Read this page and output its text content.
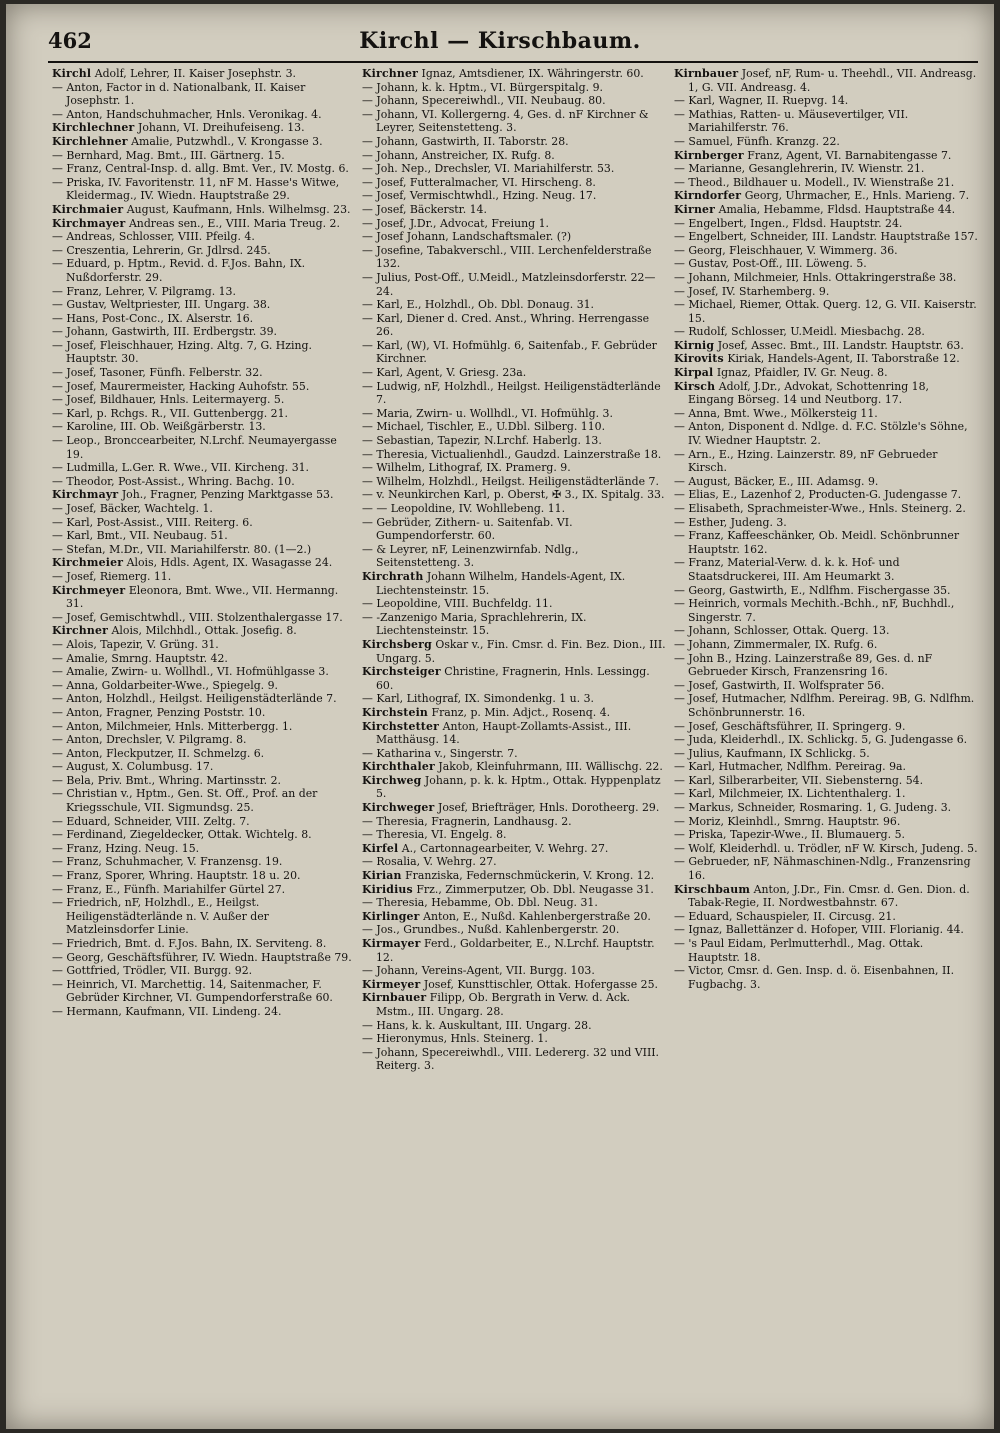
462	Kirchl — Kirschbaum.

Kirchl Adolf, Lehrer, II. Kaiser Josephstr. 3.

— Anton, Factor in d. Nationalbank, II. Kaiser Josephstr. 1.

— Anton, Handschuhmacher, Hnls. Veronikag. 4.

Kirchlechner Johann, VI. Dreihufeiseng. 13.

Kirchlehner Amalie, Putzwhdl., V. Krongasse 3.

— Bernhard, Mag. Bmt., III. Gärtnerg. 15.

— Franz, Central-Insp. d. allg. Bmt. Ver., IV. Mostg. 6.

— Priska, IV. Favoritenstr. 11, nF M. Hasse's Witwe, Kleidermag., IV. Wiedn. Hauptstraße 29.

Kirchmaier August, Kaufmann, Hnls. Wilhelmsg. 23.

Kirchmayer Andreas sen., E., VIII. Maria Treug. 2.

— Andreas, Schlosser, VIII. Pfeilg. 4.

— Creszentia, Lehrerin, Gr. Jdlrsd. 245.

— Eduard, p. Hptm., Revid. d. F.Jos. Bahn, IX. Nußdorferstr. 29.

— Franz, Lehrer, V. Pilgramg. 13.

— Gustav, Weltpriester, III. Ungarg. 38.

— Hans, Post-Conc., IX. Alserstr. 16.

— Johann, Gastwirth, III. Erdbergstr. 39.

— Josef, Fleischhauer, Hzing. Altg. 7, G. Hzing. Hauptstr. 30.

— Josef, Tasoner, Fünfh. Felberstr. 32.

— Josef, Maurermeister, Hacking Auhofstr. 55.

— Josef, Bildhauer, Hnls. Leitermayerg. 5.

— Karl, p. Rchgs. R., VII. Guttenbergg. 21.

— Karoline, III. Ob. Weißgärberstr. 13.

— Leop., Bronccearbeiter, N.Lrchf. Neumayergasse 19.

— Ludmilla, L.Ger. R. Wwe., VII. Kircheng. 31.

— Theodor, Post-Assist., Whring. Bachg. 10.

Kirchmayr Joh., Fragner, Penzing Marktgasse 53.

— Josef, Bäcker, Wachtelg. 1.

— Karl, Post-Assist., VIII. Reiterg. 6.

— Karl, Bmt., VII. Neubaug. 51.

— Stefan, M.Dr., VII. Mariahilferstr. 80. (1—2.)

Kirchmeier Alois, Hdls. Agent, IX. Wasagasse 24.

— Josef, Riemerg. 11.

Kirchmeyer Eleonora, Bmt. Wwe., VII. Hermanng. 31.

— Josef, Gemischtwhdl., VIII. Stolzenthalergasse 17.

Kirchner Alois, Milchhdl., Ottak. Josefig. 8.

— Alois, Tapezir, V. Grüng. 31.

— Amalie, Smrng. Hauptstr. 42.

— Amalie, Zwirn- u. Wollhdl., VI. Hofmühlgasse 3.

— Anna, Goldarbeiter-Wwe., Spiegelg. 9.

— Anton, Holzhdl., Heilgst. Heiligenstädterlände 7.

— Anton, Fragner, Penzing Poststr. 10.

— Anton, Milchmeier, Hnls. Mitterbergg. 1.

— Anton, Drechsler, V. Pilgramg. 8.

— Anton, Fleckputzer, II. Schmelzg. 6.

— August, X. Columbusg. 17.

— Bela, Priv. Bmt., Whring. Martinsstr. 2.

— Christian v., Hptm., Gen. St. Off., Prof. an der Kriegsschule, VII. Sigmundsg. 25.

— Eduard, Schneider, VIII. Zeltg. 7.

— Ferdinand, Ziegeldecker, Ottak. Wichtelg. 8.

— Franz, Hzing. Neug. 15.

— Franz, Schuhmacher, V. Franzensg. 19.

— Franz, Sporer, Whring. Hauptstr. 18 u. 20.

— Franz, E., Fünfh. Mariahilfer Gürtel 27.

— Friedrich, nF, Holzhdl., E., Heilgst. Heiligenstädterlände n. V. Außer der Matzleinsdorfer Linie.

— Friedrich, Bmt. d. F.Jos. Bahn, IX. Serviteng. 8.

— Georg, Geschäftsführer, IV. Wiedn. Hauptstraße 79.

— Gottfried, Trödler, VII. Burgg. 92.

— Heinrich, VI. Marchettig. 14, Saitenmacher, F. Gebrüder Kirchner, VI. Gumpendorferstraße 60.

— Hermann, Kaufmann, VII. Lindeng. 24.

Kirchner Ignaz, Amtsdiener, IX. Währingerstr. 60.

— Johann, k. k. Hptm., VI. Bürgerspitalg. 9.

— Johann, Specereiwhdl., VII. Neubaug. 80.

— Johann, VI. Kollergerng. 4, Ges. d. nF Kirchner & Leyrer, Seitenstetteng. 3.

— Johann, Gastwirth, II. Taborstr. 28.

— Johann, Anstreicher, IX. Rufg. 8.

— Joh. Nep., Drechsler, VI. Mariahilferstr. 53.

— Josef, Futteralmacher, VI. Hirscheng. 8.

— Josef, Vermischtwhdl., Hzing. Neug. 17.

— Josef, Bäckerstr. 14.

— Josef, J.Dr., Advocat, Freiung 1.

— Josef Johann, Landschaftsmaler. (?)

— Josefine, Tabakverschl., VIII. Lerchenfelderstraße 132.

— Julius, Post-Off., U.Meidl., Matzleinsdorferstr. 22—24.

— Karl, E., Holzhdl., Ob. Dbl. Donaug. 31.

— Karl, Diener d. Cred. Anst., Whring. Herrengasse 26.

— Karl, (W), VI. Hofmühlg. 6, Saitenfab., F. Gebrüder Kirchner.

— Karl, Agent, V. Griesg. 23a.

— Ludwig, nF, Holzhdl., Heilgst. Heiligenstädterlände 7.

— Maria, Zwirn- u. Wollhdl., VI. Hofmühlg. 3.

— Michael, Tischler, E., U.Dbl. Silberg. 110.

— Sebastian, Tapezir, N.Lrchf. Haberlg. 13.

— Theresia, Victualienhdl., Gaudzd. Lainzerstraße 18.

— Wilhelm, Lithograf, IX. Pramerg. 9.

— Wilhelm, Holzhdl., Heilgst. Heiligenstädterlände 7.

— v. Neunkirchen Karl, p. Oberst, ✠ 3., IX. Spitalg. 33.

— — Leopoldine, IV. Wohllebeng. 11.

— Gebrüder, Zithern- u. Saitenfab. VI. Gumpendorferstr. 60.

— & Leyrer, nF, Leinenzwirnfab. Ndlg., Seitenstetteng. 3.

Kirchrath Johann Wilhelm, Handels-Agent, IX. Liechtensteinstr. 15.

— Leopoldine, VIII. Buchfeldg. 11.

— -Zanzenigo Maria, Sprachlehrerin, IX. Liechtensteinstr. 15.

Kirchsberg Oskar v., Fin. Cmsr. d. Fin. Bez. Dion., III. Ungarg. 5.

Kirchsteiger Christine, Fragnerin, Hnls. Lessingg. 60.

— Karl, Lithograf, IX. Simondenkg. 1 u. 3.

Kirchstein Franz, p. Min. Adjct., Rosenq. 4.

Kirchstetter Anton, Haupt-Zollamts-Assist., III. Matthäusg. 14.

— Katharina v., Singerstr. 7.

Kirchthaler Jakob, Kleinfuhrmann, III. Wällischg. 22.

Kirchweg Johann, p. k. k. Hptm., Ottak. Hyppenplatz 5.

Kirchweger Josef, Briefträger, Hnls. Dorotheerg. 29.

— Theresia, Fragnerin, Landhausg. 2.

— Theresia, VI. Engelg. 8.

Kirfel A., Cartonnagearbeiter, V. Wehrg. 27.

— Rosalia, V. Wehrg. 27.

Kirian Franziska, Federnschmückerin, V. Krong. 12.

Kiridius Frz., Zimmerputzer, Ob. Dbl. Neugasse 31.

— Theresia, Hebamme, Ob. Dbl. Neug. 31.

Kirlinger Anton, E., Nußd. Kahlenbergerstraße 20.

— Jos., Grundbes., Nußd. Kahlenbergerstr. 20.

Kirmayer Ferd., Goldarbeiter, E., N.Lrchf. Hauptstr. 12.

— Johann, Vereins-Agent, VII. Burgg. 103.

Kirmeyer Josef, Kunsttischler, Ottak. Hofergasse 25.

Kirnbauer Filipp, Ob. Bergrath in Verw. d. Ack. Mstm., III. Ungarg. 28.

— Hans, k. k. Auskultant, III. Ungarg. 28.

— Hieronymus, Hnls. Steinerg. 1.

— Johann, Specereiwhdl., VIII. Ledererg. 32 und VIII. Reiterg. 3.

Kirnbauer Josef, nF, Rum- u. Theehdl., VII. Andreasg. 1, G. VII. Andreasg. 4.

— Karl, Wagner, II. Ruepvg. 14.

— Mathias, Ratten- u. Mäusevertilger, VII. Mariahilferstr. 76.

— Samuel, Fünfh. Kranzg. 22.

Kirnberger Franz, Agent, VI. Barnabitengasse 7.

— Marianne, Gesanglehrerin, IV. Wienstr. 21.

— Theod., Bildhauer u. Modell., IV. Wienstraße 21.

Kirndorfer Georg, Uhrmacher, E., Hnls. Marieng. 7.

Kirner Amalia, Hebamme, Fldsd. Hauptstraße 44.

— Engelbert, Ingen., Fldsd. Hauptstr. 24.

— Engelbert, Schneider, III. Landstr. Hauptstraße 157.

— Georg, Fleischhauer, V. Wimmerg. 36.

— Gustav, Post-Off., III. Löweng. 5.

— Johann, Milchmeier, Hnls. Ottakringerstraße 38.

— Josef, IV. Starhemberg. 9.

— Michael, Riemer, Ottak. Querg. 12, G. VII. Kaiserstr. 15.

— Rudolf, Schlosser, U.Meidl. Miesbachg. 28.

Kirnig Josef, Assec. Bmt., III. Landstr. Hauptstr. 63.

Kirovits Kiriak, Handels-Agent, II. Taborstraße 12.

Kirpal Ignaz, Pfaidler, IV. Gr. Neug. 8.

Kirsch Adolf, J.Dr., Advokat, Schottenring 18, Eingang Börseg. 14 und Neutborg. 17.

— Anna, Bmt. Wwe., Mölkersteig 11.

— Anton, Disponent d. Ndlge. d. F.C. Stölzle's Söhne, IV. Wiedner Hauptstr. 2.

— Arn., E., Hzing. Lainzerstr. 89, nF Gebrueder Kirsch.

— August, Bäcker, E., III. Adamsg. 9.

— Elias, E., Lazenhof 2, Producten-G. Judengasse 7.

— Elisabeth, Sprachmeister-Wwe., Hnls. Steinerg. 2.

— Esther, Judeng. 3.

— Franz, Kaffeeschänker, Ob. Meidl. Schönbrunner Hauptstr. 162.

— Franz, Material-Verw. d. k. k. Hof- und Staatsdruckerei, III. Am Heumarkt 3.

— Georg, Gastwirth, E., Ndlfhm. Fischergasse 35.

— Heinrich, vormals Mechith.-Bchh., nF, Buchhdl., Singerstr. 7.

— Johann, Schlosser, Ottak. Querg. 13.

— Johann, Zimmermaler, IX. Rufg. 6.

— John B., Hzing. Lainzerstraße 89, Ges. d. nF Gebrueder Kirsch, Franzensring 16.

— Josef, Gastwirth, II. Wolfsprater 56.

— Josef, Hutmacher, Ndlfhm. Pereirag. 9B, G. Ndlfhm. Schönbrunnerstr. 16.

— Josef, Geschäftsführer, II. Springerg. 9.

— Juda, Kleiderhdl., IX. Schlickg. 5, G. Judengasse 6.

— Julius, Kaufmann, IX Schlickg. 5.

— Karl, Hutmacher, Ndlfhm. Pereirag. 9a.

— Karl, Silberarbeiter, VII. Siebensterng. 54.

— Karl, Milchmeier, IX. Lichtenthalerg. 1.

— Markus, Schneider, Rosmaring. 1, G. Judeng. 3.

— Moriz, Kleinhdl., Smrng. Hauptstr. 96.

— Priska, Tapezir-Wwe., II. Blumauerg. 5.

— Wolf, Kleiderhdl. u. Trödler, nF W. Kirsch, Judeng. 5.

— Gebrueder, nF, Nähmaschinen-Ndlg., Franzensring 16.

Kirschbaum Anton, J.Dr., Fin. Cmsr. d. Gen. Dion. d. Tabak-Regie, II. Nordwestbahnstr. 67.

— Eduard, Schauspieler, II. Circusg. 21.

— Ignaz, Ballettänzer d. Hofoper, VIII. Florianig. 44.

— 's Paul Eidam, Perlmutterhdl., Mag. Ottak. Hauptstr. 18.

— Victor, Cmsr. d. Gen. Insp. d. ö. Eisenbahnen, II. Fugbachg. 3.
